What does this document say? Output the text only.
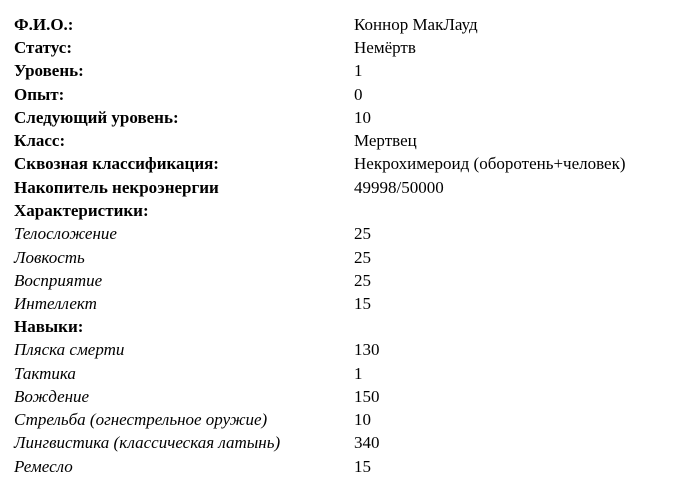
Ф.И.О.:	Коннор МакЛауд
Статус:	Немёртв
Уровень:	1
Опыт:	0
Следующий уровень:	10
Класс:	Мертвец
Сквозная классификация:	Некрохимероид (оборотень+человек)
Накопитель некроэнергии	49998/50000
Характеристики:
Телосложение	25
Ловкость	25
Восприятие	25
Интеллект	15
Навыки:
Пляска смерти	130
Тактика	1
Вождение	150
Стрельба (огнестрельное оружие)	10
Лингвистика (классическая латынь)	340
Ремесло	15
